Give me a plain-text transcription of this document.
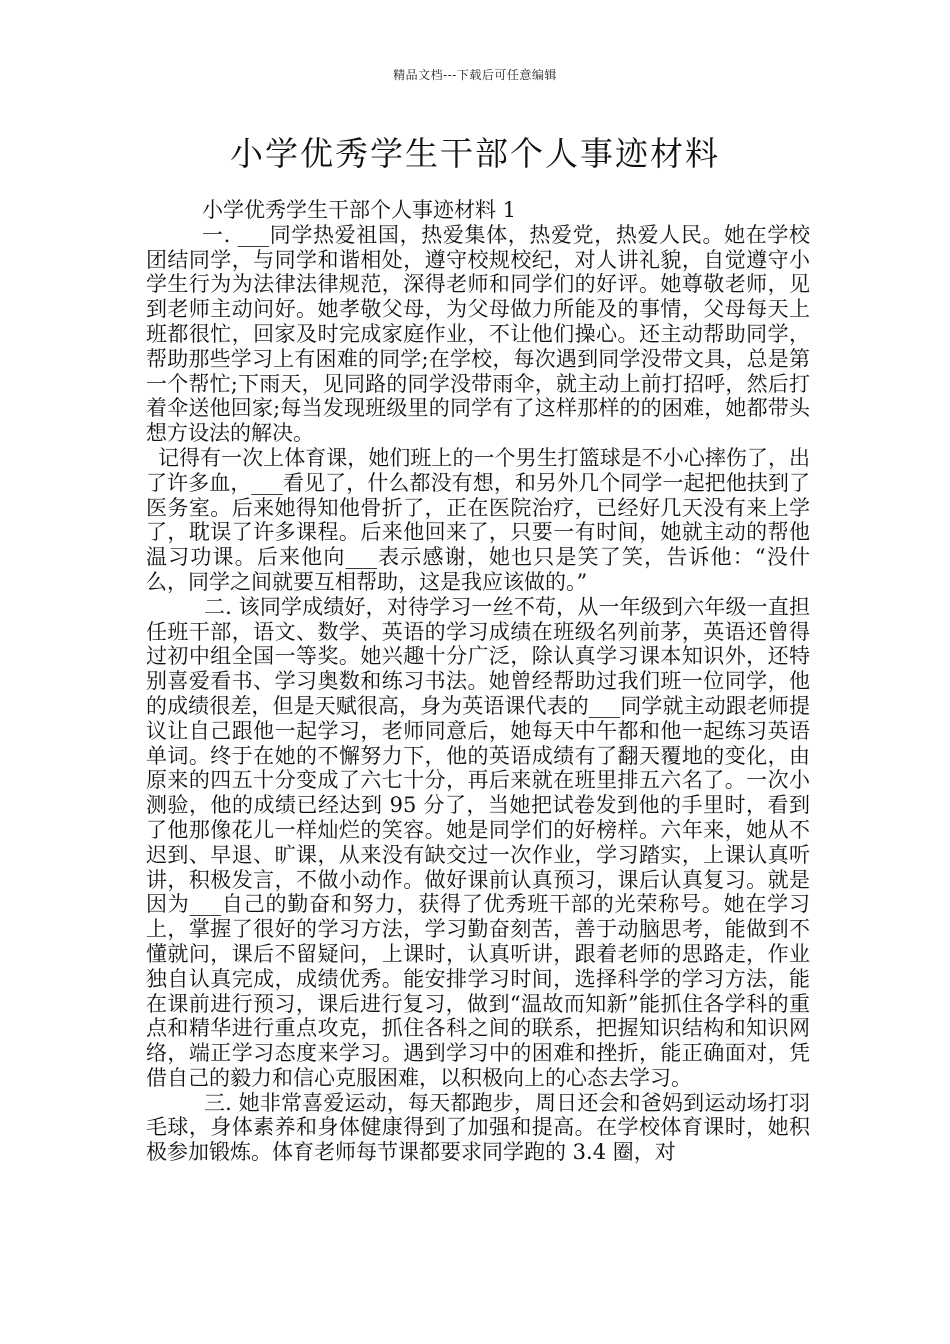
精品文档---下载后可任意编辑
小学优秀学生干部个人事迹材料

小学优秀学生干部个人事迹材料 1

一. ___同学热爱祖国，热爱集体，热爱党，热爱人民。她在学校团结同学，与同学和谐相处，遵守校规校纪，对人讲礼貌，自觉遵守小学生行为为法律法律规范，深得老师和同学们的好评。她尊敬老师，见到老师主动问好。她孝敬父母，为父母做力所能及的事情，父母每天上班都很忙，回家及时完成家庭作业，不让他们操心。还主动帮助同学，帮助那些学习上有困难的同学;在学校，每次遇到同学没带文具，总是第一个帮忙;下雨天，见同路的同学没带雨伞，就主动上前打招呼，然后打着伞送他回家;每当发现班级里的同学有了这样那样的的困难，她都带头想方设法的解决。

记得有一次上体育课，她们班上的一个男生打篮球是不小心摔伤了，出了许多血，___看见了，什么都没有想，和另外几个同学一起把他扶到了医务室。后来她得知他骨折了，正在医院治疗，已经好几天没有来上学了，耽误了许多课程。后来他回来了，只要一有时间，她就主动的帮他温习功课。后来他向___表示感谢，她也只是笑了笑，告诉他：“没什么，同学之间就要互相帮助，这是我应该做的。”

二. 该同学成绩好，对待学习一丝不苟，从一年级到六年级一直担任班干部，语文、数学、英语的学习成绩在班级名列前茅，英语还曾得过初中组全国一等奖。她兴趣十分广泛，除认真学习课本知识外，还特别喜爱看书、学习奥数和练习书法。她曾经帮助过我们班一位同学，他的成绩很差，但是天赋很高，身为英语课代表的___同学就主动跟老师提议让自己跟他一起学习，老师同意后，她每天中午都和他一起练习英语单词。终于在她的不懈努力下，他的英语成绩有了翻天覆地的变化，由原来的四五十分变成了六七十分，再后来就在班里排五六名了。一次小测验，他的成绩已经达到 95 分了，当她把试卷发到他的手里时，看到了他那像花儿一样灿烂的笑容。她是同学们的好榜样。六年来，她从不迟到、早退、旷课，从来没有缺交过一次作业，学习踏实，上课认真听讲，积极发言，不做小动作。做好课前认真预习，课后认真复习。就是因为___自己的勤奋和努力，获得了优秀班干部的光荣称号。她在学习上，掌握了很好的学习方法，学习勤奋刻苦，善于动脑思考，能做到不懂就问，课后不留疑问，上课时，认真听讲，跟着老师的思路走，作业独自认真完成，成绩优秀。能安排学习时间，选择科学的学习方法，能在课前进行预习，课后进行复习，做到“温故而知新”能抓住各学科的重点和精华进行重点攻克，抓住各科之间的联系，把握知识结构和知识网络，端正学习态度来学习。遇到学习中的困难和挫折，能正确面对，凭借自己的毅力和信心克服困难，以积极向上的心态去学习。

三. 她非常喜爱运动，每天都跑步，周日还会和爸妈到运动场打羽毛球，身体素养和身体健康得到了加强和提高。在学校体育课时，她积极参加锻炼。体育老师每节课都要求同学跑的 3.4 圈，对
